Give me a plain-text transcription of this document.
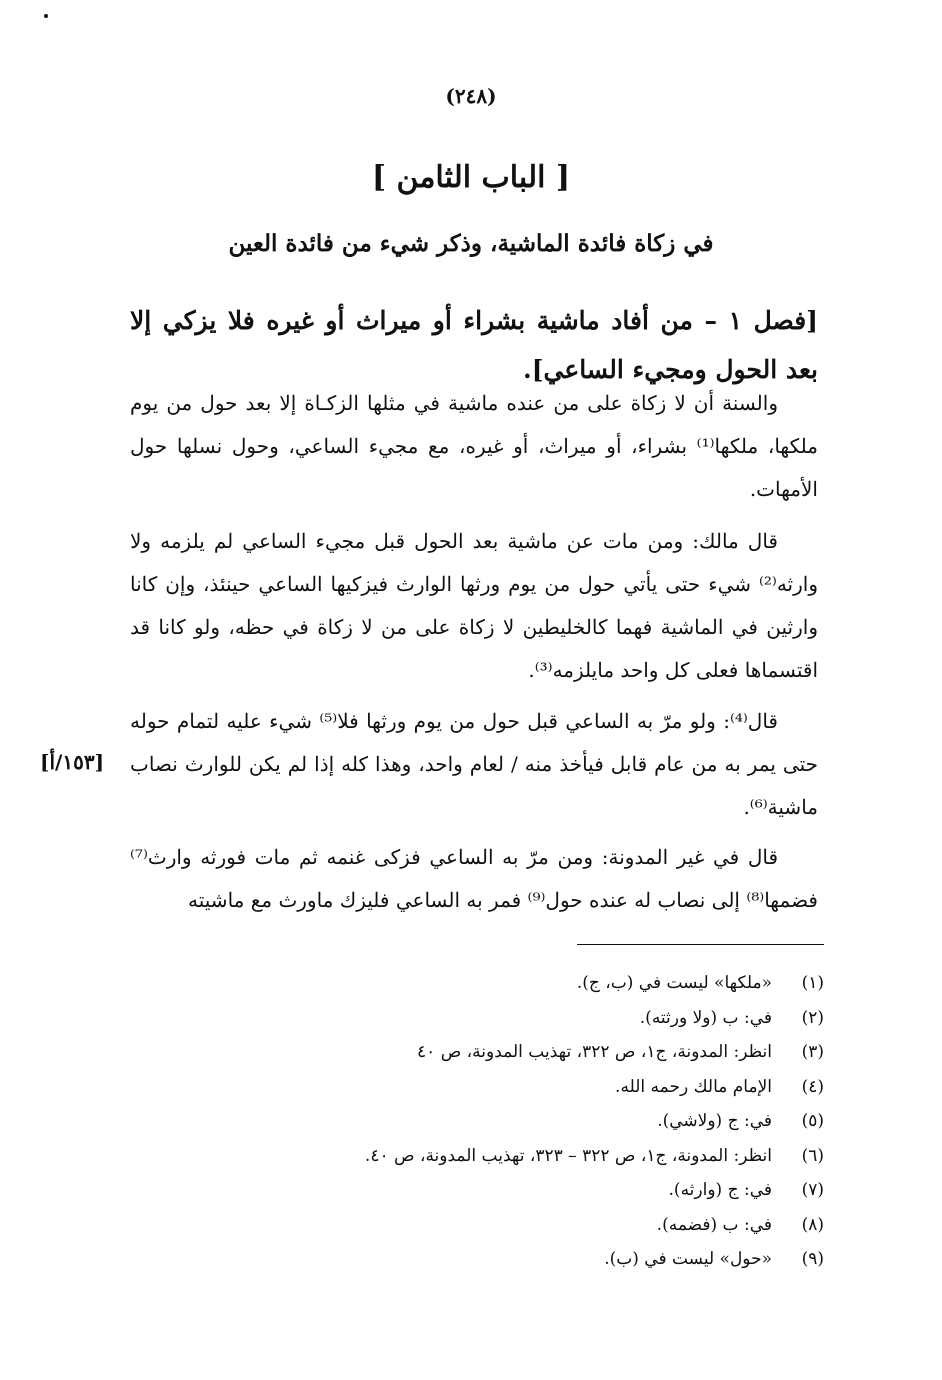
(٢٤٨)
[ الباب الثامن ]
في زكاة فائدة الماشية، وذكر شيء من فائدة العين
[فصل ١ – من أفاد ماشية بشراء أو ميراث أو غيره فلا يزكي إلا بعد الحول ومجيء الساعي].
والسنة أن لا زكاة على من عنده ماشية في مثلها الزكـاة إلا بعد حول من يوم ملكها، ملكها⁽¹⁾ بشراء، أو ميراث، أو غيره، مع مجيء الساعي، وحول نسلها حول الأمهات.
قال مالك: ومن مات عن ماشية بعد الحول قبل مجيء الساعي لم يلزمه ولا وارثه⁽²⁾ شيء حتى يأتي حول من يوم ورثها الوارث فيزكيها الساعي حينئذ، وإن كانا وارثين في الماشية فهما كالخليطين لا زكاة على من لا زكاة في حظه، ولو كانا قد اقتسماها فعلى كل واحد مايلزمه⁽³⁾.
قال⁽⁴⁾: ولو مرّ به الساعي قبل حول من يوم ورثها فلا⁽⁵⁾ شيء عليه لتمام حوله حتى يمر به من عام قابل فيأخذ منه / لعام واحد، وهذا كله إذا لم يكن للوارث نصاب ماشية⁽⁶⁾.
قال في غير المدونة: ومن مرّ به الساعي فزكى غنمه ثم مات فورثه وارث⁽⁷⁾ فضمها⁽⁸⁾ إلى نصاب له عنده حول⁽⁹⁾ فمر به الساعي فليزك ماورث مع ماشيته
[١٥٣/أ]
(١)
«ملكها» ليست في (ب، ج).
(٢)
في: ب (ولا ورثته).
(٣)
انظر: المدونة، ج١، ص ٣٢٢، تهذيب المدونة، ص ٤٠
(٤)
الإمام مالك رحمه الله.
(٥)
في: ج (ولاشي).
(٦)
انظر: المدونة، ج١، ص ٣٢٢ – ٣٢٣، تهذيب المدونة، ص ٤٠.
(٧)
في: ج (وارثه).
(٨)
في: ب (فضمه).
(٩)
«حول» ليست في (ب).
